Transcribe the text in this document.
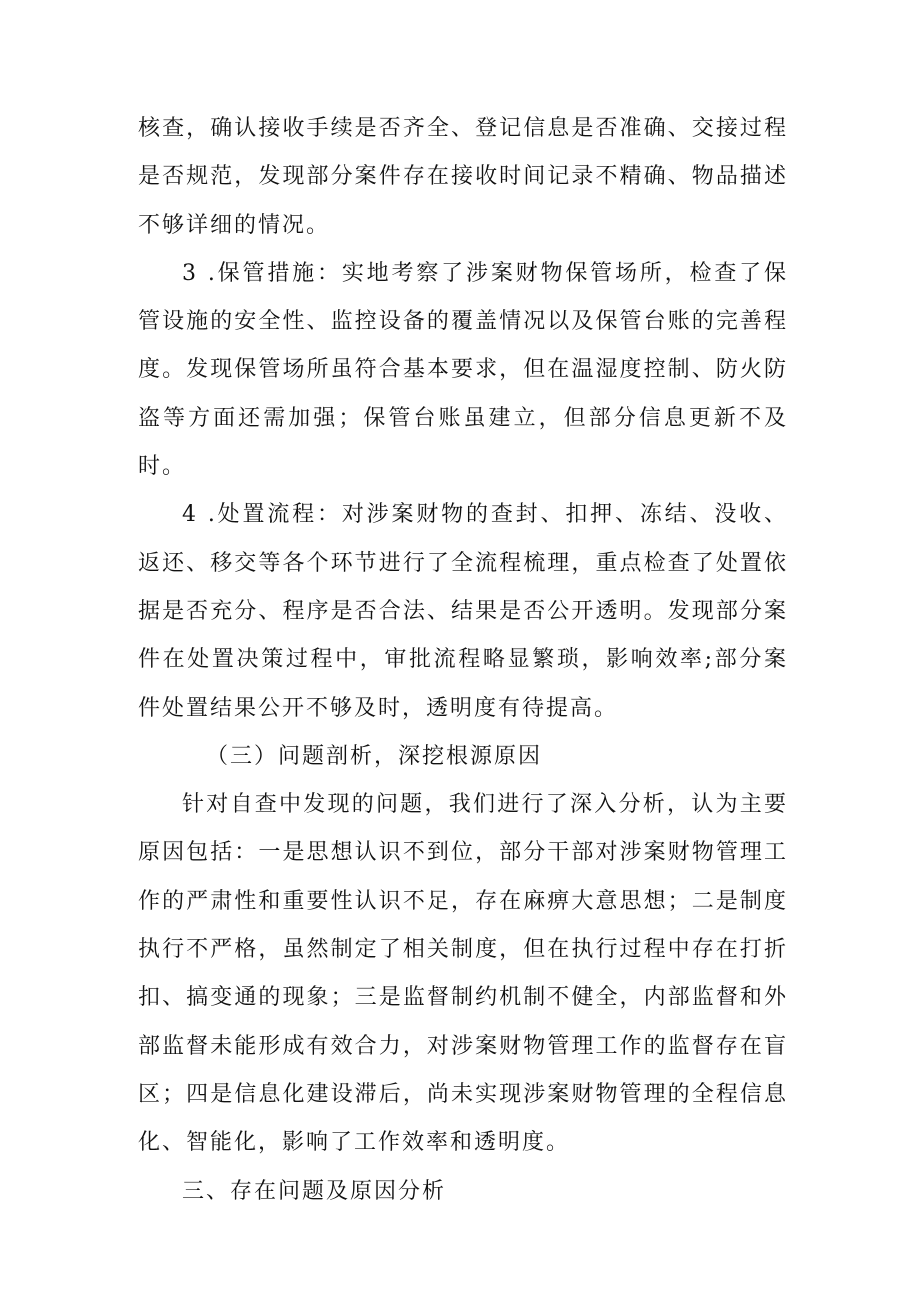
核查，确认接收手续是否齐全、登记信息是否准确、交接过程是否规范，发现部分案件存在接收时间记录不精确、物品描述不够详细的情况。

3 .保管措施：实地考察了涉案财物保管场所，检查了保管设施的安全性、监控设备的覆盖情况以及保管台账的完善程度。发现保管场所虽符合基本要求，但在温湿度控制、防火防盗等方面还需加强；保管台账虽建立，但部分信息更新不及时。

4 .处置流程：对涉案财物的查封、扣押、冻结、没收、返还、移交等各个环节进行了全流程梳理，重点检查了处置依据是否充分、程序是否合法、结果是否公开透明。发现部分案件在处置决策过程中，审批流程略显繁琐，影响效率;部分案件处置结果公开不够及时，透明度有待提高。

（三）问题剖析，深挖根源原因

针对自查中发现的问题，我们进行了深入分析，认为主要原因包括：一是思想认识不到位，部分干部对涉案财物管理工作的严肃性和重要性认识不足，存在麻痹大意思想；二是制度执行不严格，虽然制定了相关制度，但在执行过程中存在打折扣、搞变通的现象；三是监督制约机制不健全，内部监督和外部监督未能形成有效合力，对涉案财物管理工作的监督存在盲区；四是信息化建设滞后，尚未实现涉案财物管理的全程信息化、智能化，影响了工作效率和透明度。

三、存在问题及原因分析
